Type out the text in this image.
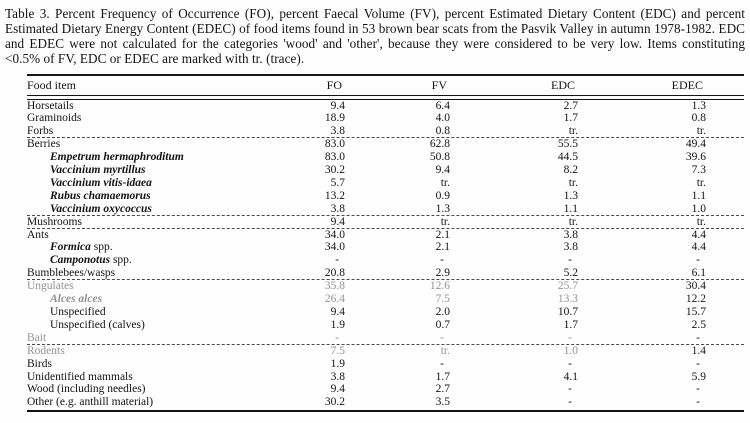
Table 3. Percent Frequency of Occurrence (FO), percent Faecal Volume (FV), percent Estimated Dietary Content (EDC) and percent Estimated Dietary Energy Content (EDEC) of food items found in 53 brown bear scats from the Pasvik Valley in autumn 1978-1982. EDC and EDEC were not calculated for the categories 'wood' and 'other', because they were considered to be very low. Items constituting <0.5% of FV, EDC or EDEC are marked with tr. (trace).
Food item	FO	FV	EDC	EDEC
Horsetails	9.4	6.4	2.7	1.3
Graminoids	18.9	4.0	1.7	0.8
Forbs	3.8	0.8	tr.	tr.
Berries	83.0	62.8	55.5	49.4
Empetrum hermaphroditum	83.0	50.8	44.5	39.6
Vaccinium myrtillus	30.2	9.4	8.2	7.3
Vaccinium vitis-idaea	5.7	tr.	tr.	tr.
Rubus chamaemorus	13.2	0.9	1.3	1.1
Vaccinium oxycoccus	3.8	1.3	1.1	1.0
Mushrooms	9.4	tr.	tr.	tr.
Ants	34.0	2.1	3.8	4.4
Formica spp.	34.0	2.1	3.8	4.4
Camponotus spp.	-	-	-	-
Bumblebees/wasps	20.8	2.9	5.2	6.1
Ungulates	35.8	12.6	25.7	30.4
Alces alces	26.4	7.5	13.3	12.2
Unspecified	9.4	2.0	10.7	15.7
Unspecified (calves)	1.9	0.7	1.7	2.5
Bait	-	-	-	-
Rodents	7.5	tr.	1.0	1.4
Birds	1.9	-	-	-
Unidentified mammals	3.8	1.7	4.1	5.9
Wood (including needles)	9.4	2.7	-	-
Other (e.g. anthill material)	30.2	3.5	-	-
